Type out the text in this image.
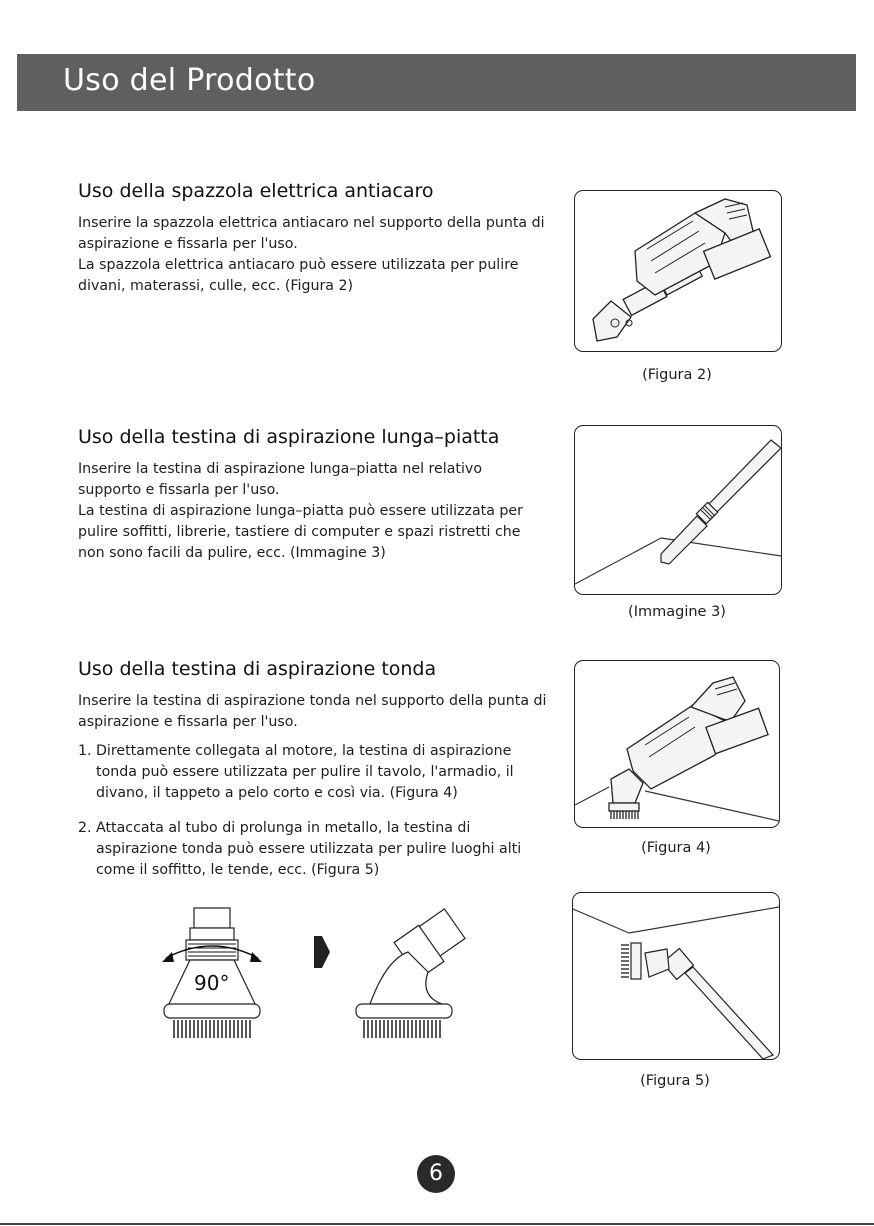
Uso del Prodotto
Uso della spazzola elettrica antiacaro

Inserire la spazzola elettrica antiacaro nel supporto della punta di aspirazione e fissarla per l'uso.

La spazzola elettrica antiacaro può essere utilizzata per pulire divani, materassi, culle, ecc. (Figura 2)

Uso della testina di aspirazione lunga–piatta

Inserire la testina di aspirazione lunga–piatta nel relativo supporto e fissarla per l'uso.

La testina di aspirazione lunga–piatta può essere utilizzata per pulire soffitti, librerie, tastiere di computer e spazi ristretti che non sono facili da pulire, ecc. (Immagine 3)

Uso della testina di aspirazione tonda

Inserire la testina di aspirazione tonda nel supporto della punta di aspirazione e fissarla per l'uso.

1. Direttamente collegata al motore, la testina di aspirazione tonda può essere utilizzata per pulire il tavolo, l'armadio, il divano, il tappeto a pelo corto e così via. (Figura 4)
2. Attaccata al tubo di prolunga in metallo, la testina di aspirazione tonda può essere utilizzata per pulire luoghi alti come il soffitto, le tende, ecc. (Figura 5)
(Figura 2)
(Immagine 3)
(Figura 4)
(Figura 5)
90°
6
